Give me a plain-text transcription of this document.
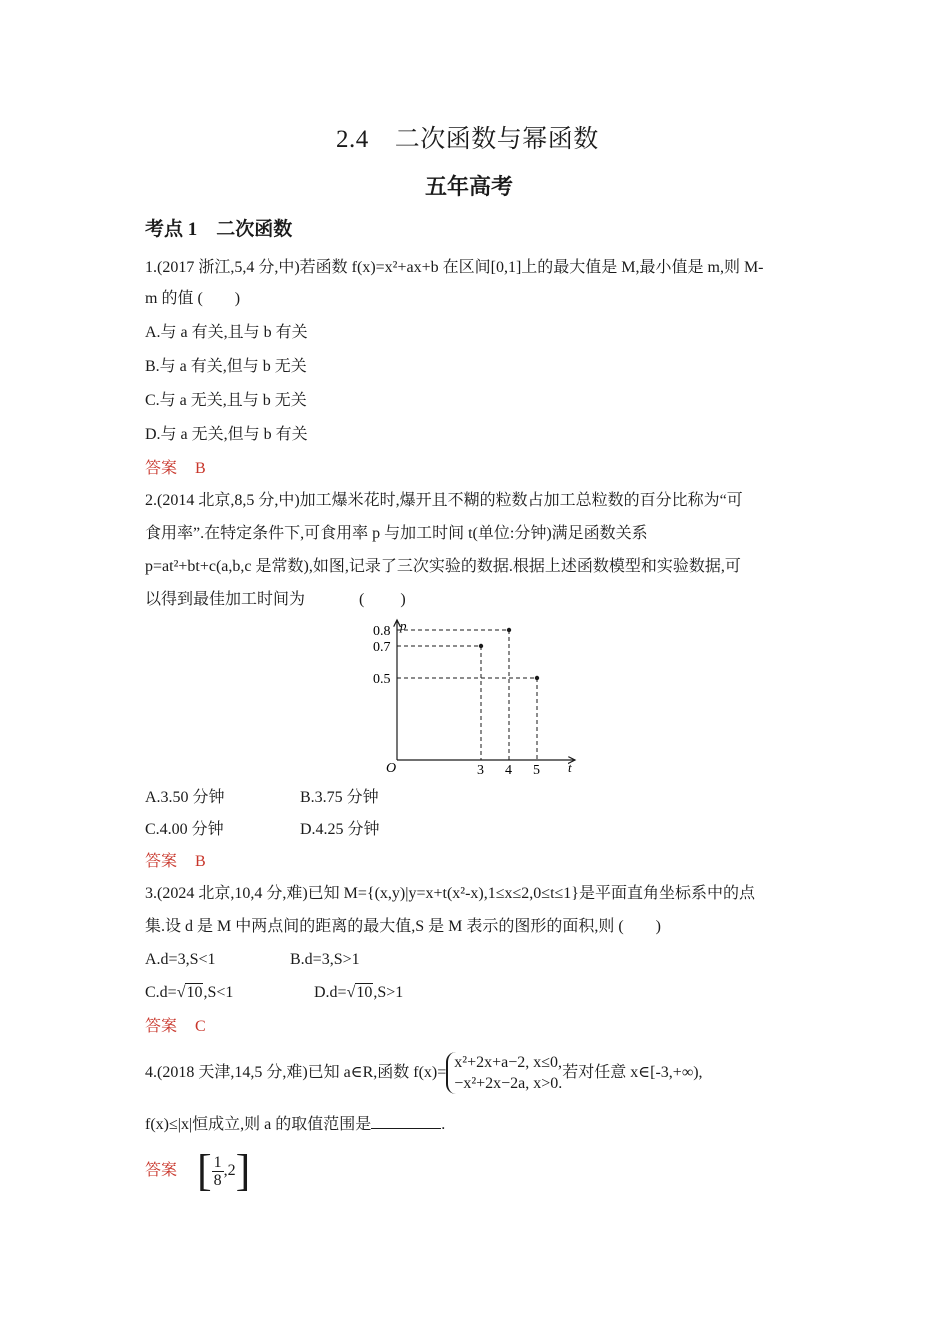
2.4 二次函数与幂函数
五年高考
考点 1　二次函数
1.(2017 浙江,5,4 分,中)若函数 f(x)=x²+ax+b 在区间[0,1]上的最大值是 M,最小值是 m,则 M-
m 的值 (　　)
A.与 a 有关,且与 b 有关
B.与 a 有关,但与 b 无关
C.与 a 无关,且与 b 无关
D.与 a 无关,但与 b 有关
答案 B
2.(2014 北京,8,5 分,中)加工爆米花时,爆开且不糊的粒数占加工总粒数的百分比称为“可
食用率”.在特定条件下,可食用率 p 与加工时间 t(单位:分钟)满足函数关系
p=at²+bt+c(a,b,c 是常数),如图,记录了三次实验的数据.根据上述函数模型和实验数据,可
以得到最佳加工时间为	( )
p
t
O	3 4 5
0.5
0.7
0.8
A.3.50 分钟	B.3.75 分钟
C.4.00 分钟	D.4.25 分钟
答案 B
3.(2024 北京,10,4 分,难)已知 M={(x,y)|y=x+t(x²-x),1≤x≤2,0≤t≤1}是平面直角坐标系中的点
集.设 d 是 M 中两点间的距离的最大值,S 是 M 表示的图形的面积,则 (　　)
A.d=3,S<1	B.d=3,S>1
C.d=√10,S<1	D.d=√10,S>1
答案 C
4.(2018 天津,14,5 分,难)已知 a∈R,函数 f(x)=
x²+2x+a−2, x≤0,
−x²+2x−2a, x>0.
若对任意 x∈[-3,+∞),
f(x)≤|x|恒成立,则 a 的取值范围是	.
答案 [ $\frac{1}{8} ,2$ ]
